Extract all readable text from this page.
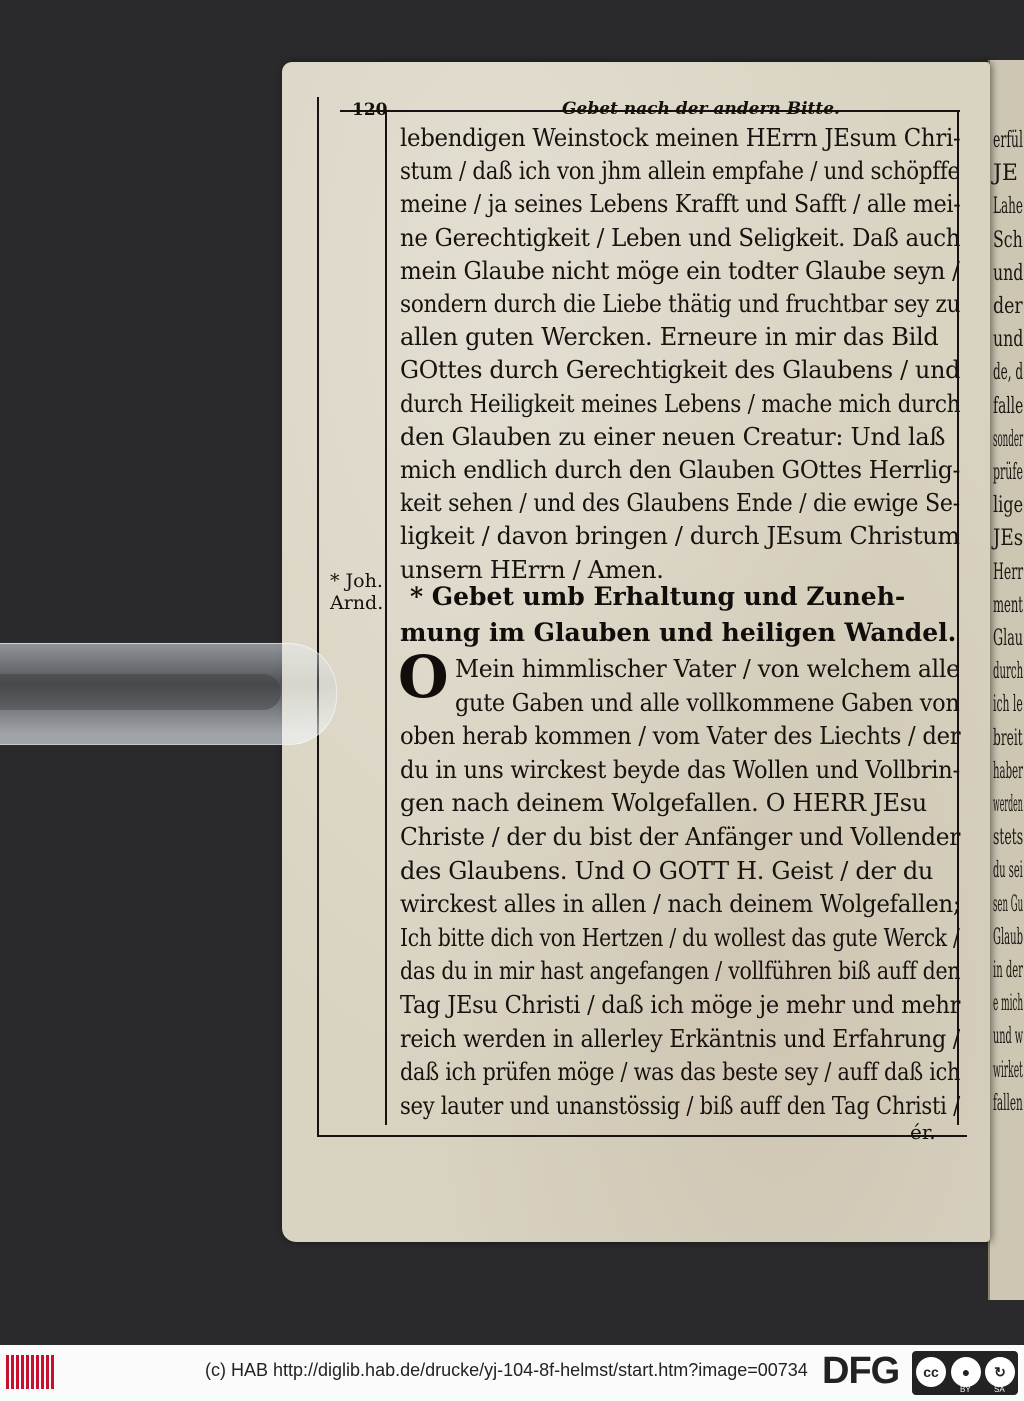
120	Gebet nach der andern Bitte.
* Joh.
Arnd.
lebendigen Weinstock meinen HErrn JEsum Chri-
stum / daß ich von jhm allein empfahe / und schöpffe
meine / ja seines Lebens Krafft und Safft / alle mei-
ne Gerechtigkeit / Leben und Seligkeit. Daß auch
mein Glaube nicht möge ein todter Glaube seyn /
sondern durch die Liebe thätig und fruchtbar sey zu
allen guten Wercken. Erneure in mir das Bild
GOttes durch Gerechtigkeit des Glaubens / und
durch Heiligkeit meines Lebens / mache mich durch
den Glauben zu einer neuen Creatur: Und laß
mich endlich durch den Glauben GOttes Herrlig-
keit sehen / und des Glaubens Ende / die ewige Se-
ligkeit / davon bringen / durch JEsum Christum
unsern HErrn / Amen.
* Gebet umb Erhaltung und Zuneh-
mung im Glauben und heiligen Wandel.
O Mein himmlischer Vater / von welchem alle
gute Gaben und alle vollkommene Gaben von
oben herab kommen / vom Vater des Liechts / der
du in uns wirckest beyde das Wollen und Vollbrin-
gen nach deinem Wolgefallen. O HERR JEsu
Christe / der du bist der Anfänger und Vollender
des Glaubens. Und O GOTT H. Geist / der du
wirckest alles in allen / nach deinem Wolgefallen;
Ich bitte dich von Hertzen / du wollest das gute Werck /
das du in mir hast angefangen / vollführen biß auff den
Tag JEsu Christi / daß ich möge je mehr und mehr
reich werden in allerley Erkäntnis und Erfahrung /
daß ich prüfen möge / was das beste sey / auff daß ich
sey lauter und unanstössig / biß auff den Tag Christi /
ér.
erfül
JE
Lahe
Sch
und
der
und
de, d
falle
sonder
prüfe
lige
JEs
Herr
ment
Glau
durch
ich le
breit
haber
werden
stets
du sei
sen Gu
Glaub
in der
e mich
und w
wirket
fallen
(c) HAB http://diglib.hab.de/drucke/yj-104-8f-helmst/start.htm?image=00734 DFG	cc	●	↻
BY	SA
